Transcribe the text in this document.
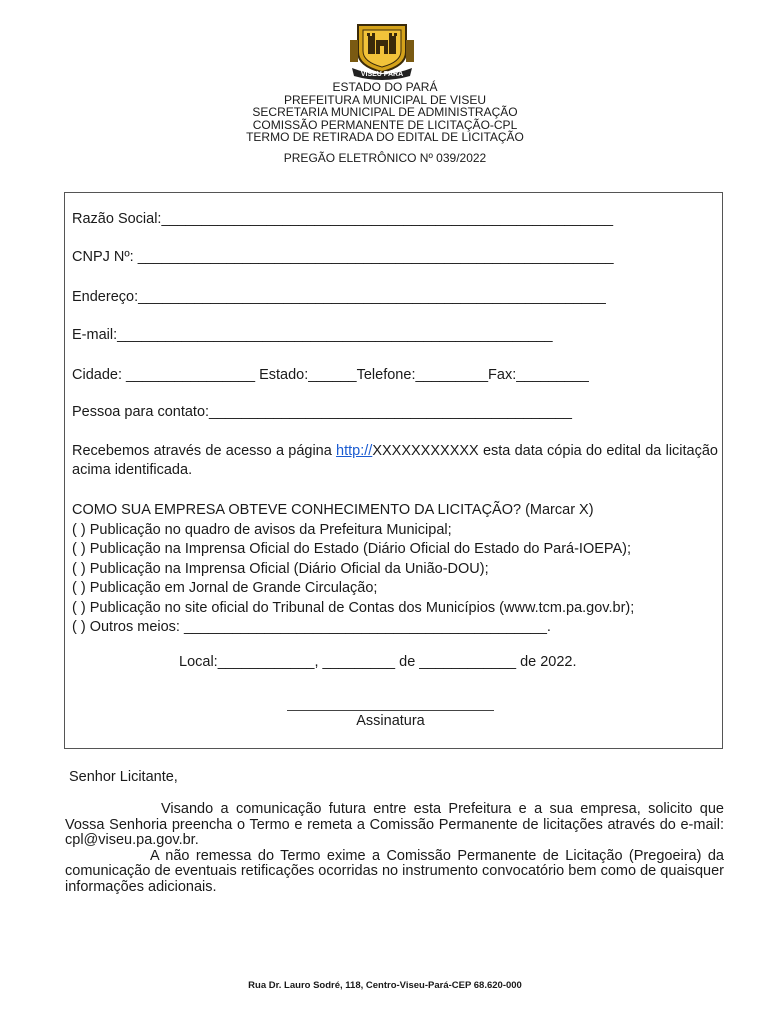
VISEU PARÁ
ESTADO DO PARÁ
PREFEITURA MUNICIPAL DE VISEU
SECRETARIA MUNICIPAL DE ADMINISTRAÇÃO
COMISSÃO PERMANENTE DE LICITAÇÃO-CPL
TERMO DE RETIRADA DO EDITAL DE LICITAÇÃO
PREGÃO ELETRÔNICO Nº 039/2022
Razão Social:________________________________________________________
CNPJ Nº: ___________________________________________________________
Endereço:__________________________________________________________
E-mail:______________________________________________________
Cidade: ________________ Estado:______Telefone:_________Fax:_________
Pessoa para contato:_____________________________________________
Recebemos através de acesso a página http://XXXXXXXXXXX esta data cópia do edital da licitação acima identificada.
COMO SUA EMPRESA OBTEVE CONHECIMENTO DA LICITAÇÃO? (Marcar X)
( ) Publicação no quadro de avisos da Prefeitura Municipal;
( ) Publicação na Imprensa Oficial do Estado (Diário Oficial do Estado do Pará-IOEPA);
( ) Publicação na Imprensa Oficial (Diário Oficial da União-DOU);
( ) Publicação em Jornal de Grande Circulação;
( ) Publicação no site oficial do Tribunal de Contas dos Municípios (www.tcm.pa.gov.br);
( ) Outros meios: _____________________________________________.
Local:____________, _________ de ____________ de 2022.
Assinatura
Senhor Licitante,

Visando a comunicação futura entre esta Prefeitura e a sua empresa, solicito que Vossa Senhoria preencha o Termo e remeta a Comissão Permanente de licitações através do e-mail: cpl@viseu.pa.gov.br.

A não remessa do Termo exime a Comissão Permanente de Licitação (Pregoeira) da comunicação de eventuais retificações ocorridas no instrumento convocatório bem como de quaisquer informações adicionais.

Rua Dr. Lauro Sodré, 118, Centro-Viseu-Pará-CEP 68.620-000
